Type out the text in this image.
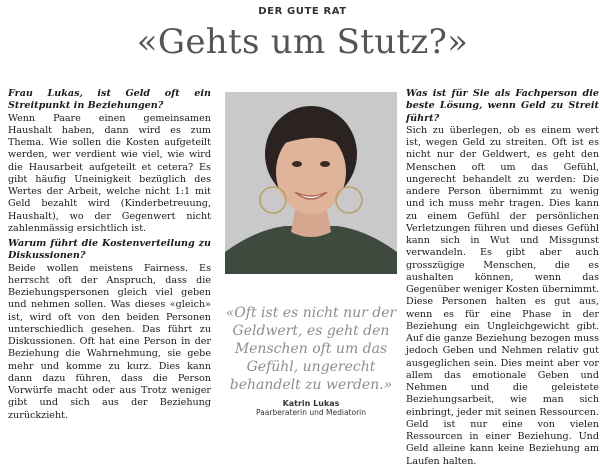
DER GUTE RAT
«Gehts um Stutz?»

Frau Lukas, ist Geld oft ein Streitpunkt in Beziehungen?

Wenn Paare einen gemeinsamen Haushalt haben, dann wird es zum Thema. Wie sollen die Kosten aufgeteilt werden, wer verdient wie viel, wie wird die Hausarbeit aufgeteilt et cetera? Es gibt häufig Uneinigkeit bezüglich des Wertes der Arbeit, welche nicht 1:1 mit Geld bezahlt wird (Kinderbetreuung, Haushalt), wo der Gegenwert nicht zahlenmässig ersichtlich ist.

Warum führt die Kostenverteilung zu Diskussionen?

Beide wollen meistens Fairness. Es herrscht oft der Anspruch, dass die Beziehungspersonen gleich viel geben und nehmen sollen. Was dieses «gleich» ist, wird oft von den beiden Personen unterschiedlich gesehen. Das führt zu Diskussionen. Oft hat eine Person in der Beziehung die Wahrnehmung, sie gebe mehr und komme zu kurz. Dies kann dann dazu führen, dass die Person Vorwürfe macht oder aus Trotz weniger gibt und sich aus der Beziehung zurückzieht.

«Oft ist es nicht nur der Geldwert, es geht den Menschen oft um das Gefühl, ungerecht behandelt zu werden.»
Katrin Lukas
Paarberaterin und Mediatorin

Was ist für Sie als Fachperson die beste Lösung, wenn Geld zu Streit führt?

Sich zu überlegen, ob es einem wert ist, wegen Geld zu streiten. Oft ist es nicht nur der Geldwert, es geht den Menschen oft um das Gefühl, ungerecht behandelt zu werden: Die andere Person übernimmt zu wenig und ich muss mehr tragen. Dies kann zu einem Gefühl der persönlichen Verletzungen führen und dieses Gefühl kann sich in Wut und Missgunst verwandeln. Es gibt aber auch grosszügige Menschen, die es aushalten können, wenn das Gegenüber weniger Kosten übernimmt. Diese Personen halten es gut aus, wenn es für eine Phase in der Beziehung ein Ungleichgewicht gibt. Auf die ganze Beziehung bezogen muss jedoch Geben und Nehmen relativ gut ausgeglichen sein. Dies meint aber vor allem das emotionale Geben und Nehmen und die geleistete Beziehungsarbeit, wie man sich einbringt, jeder mit seinen Ressourcen. Geld ist nur eine von vielen Ressourcen in einer Beziehung. Und Geld alleine kann keine Beziehung am Laufen halten.
